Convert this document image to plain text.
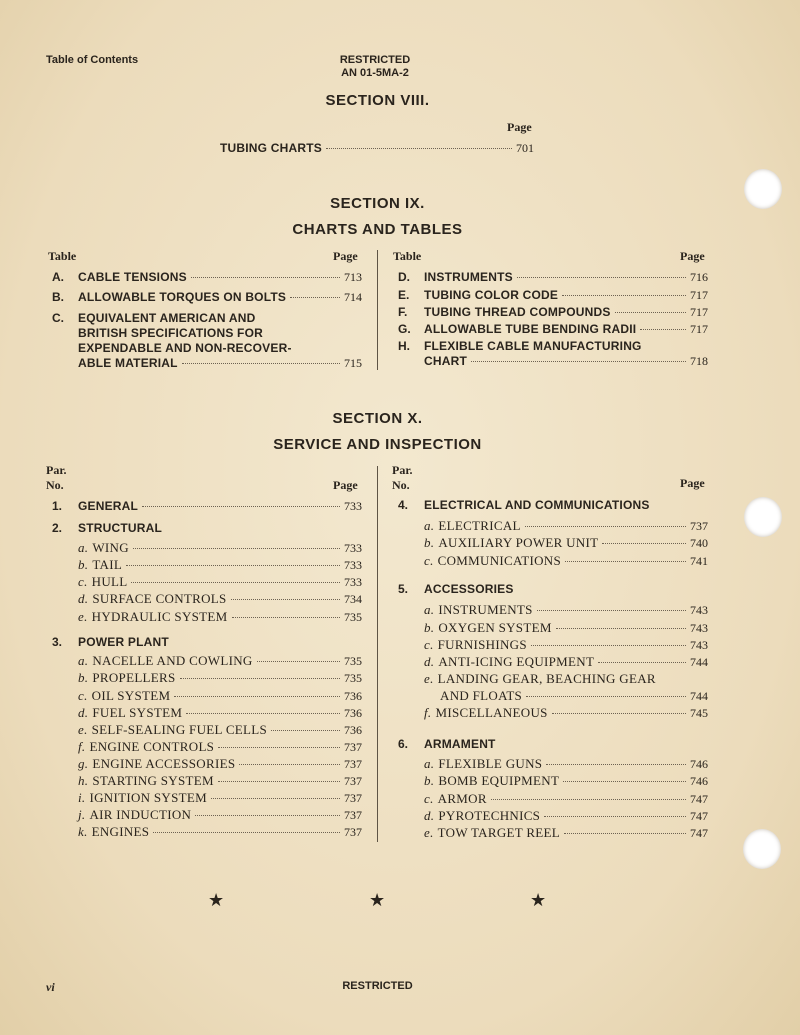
Table of Contents	RESTRICTED
AN 01-5MA-2
SECTION VIII.
Page
TUBING CHARTS	701
SECTION IX.
CHARTS AND TABLES
Table	Page	Table	Page
A.	CABLE TENSIONS	713
B.	ALLOWABLE TORQUES ON BOLTS	714
C. EQUIVALENT AMERICAN AND
BRITISH SPECIFICATIONS FOR
EXPENDABLE AND NON-RECOVER-
ABLE MATERIAL	715
D.	INSTRUMENTS	716
E.	TUBING COLOR CODE	717
F.	TUBING THREAD COMPOUNDS	717
G.	ALLOWABLE TUBE BENDING RADII	717
H. FLEXIBLE CABLE MANUFACTURING
CHART	718
SECTION X.
SERVICE AND INSPECTION
Par.
No.	Page
Par.
No.	Page
1.	GENERAL	733
2.	STRUCTURAL
a. WING	733
b. TAIL	733
c. HULL	733
d. SURFACE CONTROLS	734
e. HYDRAULIC SYSTEM	735
3.	POWER PLANT
a. NACELLE AND COWLING	735
b. PROPELLERS	735
c. OIL SYSTEM	736
d. FUEL SYSTEM	736
e. SELF-SEALING FUEL CELLS	736
f. ENGINE CONTROLS	737
g. ENGINE ACCESSORIES	737
h. STARTING SYSTEM	737
i. IGNITION SYSTEM	737
j. AIR INDUCTION	737
k. ENGINES	737
4.	ELECTRICAL AND COMMUNICATIONS
a. ELECTRICAL	737
b. AUXILIARY POWER UNIT	740
c. COMMUNICATIONS	741
5.	ACCESSORIES
a. INSTRUMENTS	743
b. OXYGEN SYSTEM	743
c. FURNISHINGS	743
d. ANTI-ICING EQUIPMENT	744
e. LANDING GEAR, BEACHING GEAR
AND FLOATS	744
f. MISCELLANEOUS	745
6.	ARMAMENT
a. FLEXIBLE GUNS	746
b. BOMB EQUIPMENT	746
c. ARMOR	747
d. PYROTECHNICS	747
e. TOW TARGET REEL	747
★	★	★
vi	RESTRICTED
